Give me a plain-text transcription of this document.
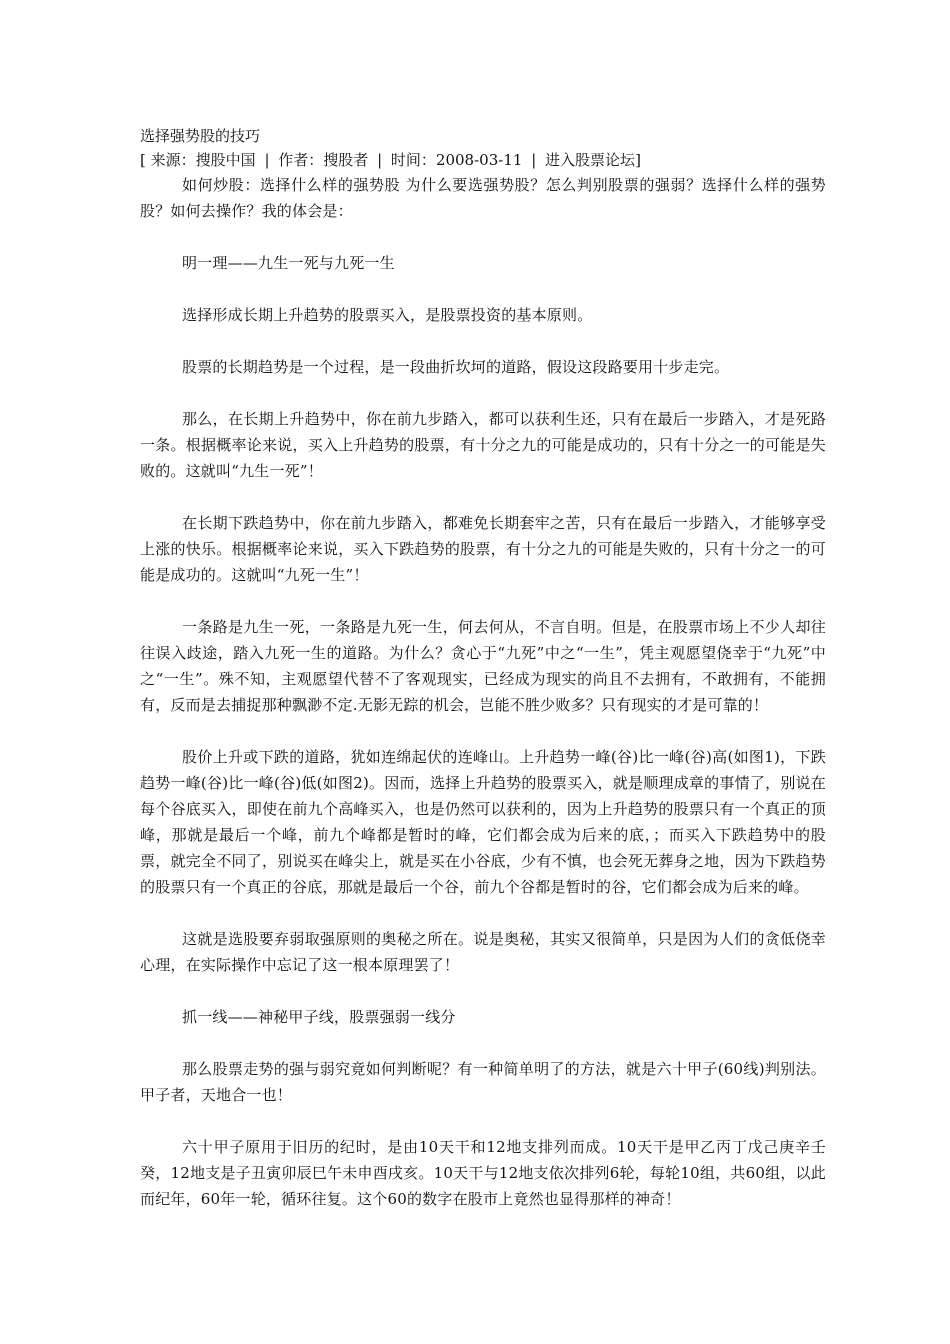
选择强势股的技巧

[ 来源：搜股中国 | 作者：搜股者 | 时间：2008-03-11 | 进入股票论坛]

如何炒股：选择什么样的强势股 为什么要选强势股？怎么判别股票的强弱？选择什么样的强势股？如何去操作？我的体会是：

明一理——九生一死与九死一生

选择形成长期上升趋势的股票买入，是股票投资的基本原则。

股票的长期趋势是一个过程，是一段曲折坎坷的道路，假设这段路要用十步走完。

那么，在长期上升趋势中，你在前九步踏入，都可以获利生还，只有在最后一步踏入，才是死路一条。根据概率论来说，买入上升趋势的股票，有十分之九的可能是成功的，只有十分之一的可能是失败的。这就叫“九生一死”！

在长期下跌趋势中，你在前九步踏入，都难免长期套牢之苦，只有在最后一步踏入，才能够享受上涨的快乐。根据概率论来说，买入下跌趋势的股票，有十分之九的可能是失败的，只有十分之一的可能是成功的。这就叫“九死一生”！

一条路是九生一死，一条路是九死一生，何去何从，不言自明。但是，在股票市场上不少人却往往误入歧途，踏入九死一生的道路。为什么？贪心于“九死”中之“一生”，凭主观愿望侥幸于“九死”中之“一生”。殊不知，主观愿望代替不了客观现实，已经成为现实的尚且不去拥有，不敢拥有，不能拥有，反而是去捕捉那种飘渺不定.无影无踪的机会，岂能不胜少败多？只有现实的才是可靠的！

股价上升或下跌的道路，犹如连绵起伏的连峰山。上升趋势一峰(谷)比一峰(谷)高(如图1)，下跌趋势一峰(谷)比一峰(谷)低(如图2)。因而，选择上升趋势的股票买入，就是顺理成章的事情了，别说在每个谷底买入，即使在前九个高峰买入，也是仍然可以获利的，因为上升趋势的股票只有一个真正的顶峰，那就是最后一个峰，前九个峰都是暂时的峰，它们都会成为后来的底，；而买入下跌趋势中的股票，就完全不同了，别说买在峰尖上，就是买在小谷底，少有不慎，也会死无葬身之地，因为下跌趋势的股票只有一个真正的谷底，那就是最后一个谷，前九个谷都是暂时的谷，它们都会成为后来的峰。

这就是选股要弃弱取强原则的奥秘之所在。说是奥秘，其实又很简单，只是因为人们的贪低侥幸心理，在实际操作中忘记了这一根本原理罢了！

抓一线——神秘甲子线，股票强弱一线分

那么股票走势的强与弱究竟如何判断呢？有一种简单明了的方法，就是六十甲子(60线)判别法。甲子者，天地合一也！

六十甲子原用于旧历的纪时，是由10天干和12地支排列而成。10天干是甲乙丙丁戊己庚辛壬癸，12地支是子丑寅卯辰巳午未申酉戌亥。10天干与12地支依次排列6轮，每轮10组，共60组，以此而纪年，60年一轮，循环往复。这个60的数字在股市上竟然也显得那样的神奇！
